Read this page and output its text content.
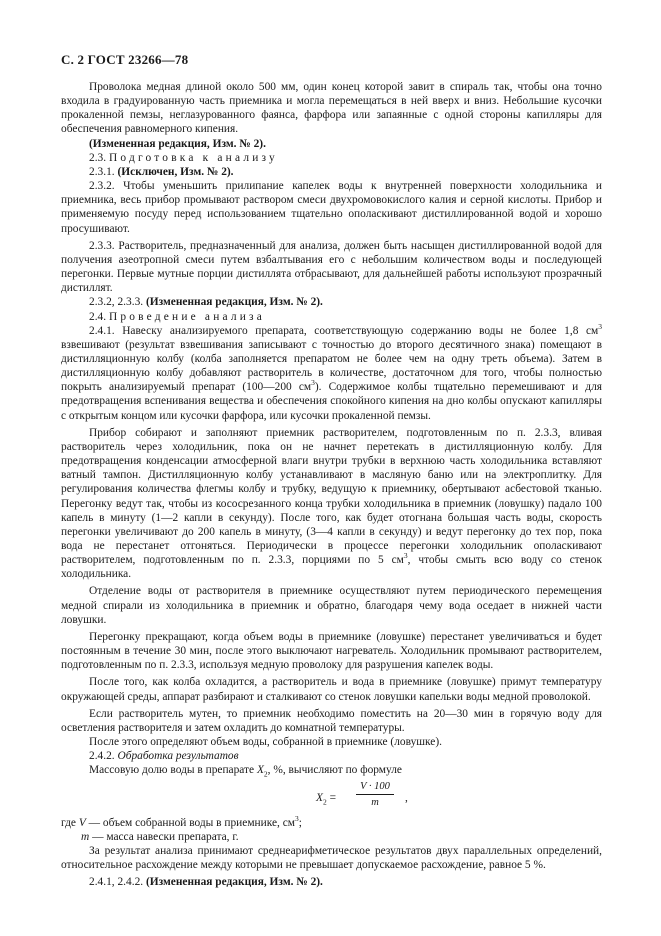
С. 2 ГОСТ 23266—78

Проволока медная длиной около 500 мм, один конец которой завит в спираль так, чтобы она точно входила в градуированную часть приемника и могла перемещаться в ней вверх и вниз. Небольшие кусочки прокаленной пемзы, неглазурованного фаянса, фарфора или запаянные с одной стороны капилляры для обеспечения равномерного кипения.

(Измененная редакция, Изм. № 2).

2.3. Подготовка к анализу

2.3.1. (Исключен, Изм. № 2).

2.3.2. Чтобы уменьшить прилипание капелек воды к внутренней поверхности холодильника и приемника, весь прибор промывают раствором смеси двухромовокислого калия и серной кислоты. Прибор и применяемую посуду перед использованием тщательно ополаскивают дистиллированной водой и хорошо просушивают.

2.3.3. Растворитель, предназначенный для анализа, должен быть насыщен дистиллированной водой для получения азеотропной смеси путем взбалтывания его с небольшим количеством воды и последующей перегонки. Первые мутные порции дистиллята отбрасывают, для дальнейшей работы используют прозрачный дистиллят.

2.3.2, 2.3.3. (Измененная редакция, Изм. № 2).

2.4. Проведение анализа

2.4.1. Навеску анализируемого препарата, соответствующую содержанию воды не более 1,8 $см^3$ взвешивают (результат взвешивания записывают с точностью до второго десятичного знака) помещают в дистилляционную колбу (колба заполняется препаратом не более чем на одну треть объема). Затем в дистилляционную колбу добавляют растворитель в количестве, достаточном для того, чтобы полностью покрыть анализируемый препарат (100—200 $см^3$). Содержимое колбы тщательно перемешивают и для предотвращения вспенивания вещества и обеспечения спокойного кипения на дно колбы опускают капилляры с открытым концом или кусочки фарфора, или кусочки прокаленной пемзы.

Прибор собирают и заполняют приемник растворителем, подготовленным по п. 2.3.3, вливая растворитель через холодильник, пока он не начнет перетекать в дистилляционную колбу. Для предотвращения конденсации атмосферной влаги внутри трубки в верхнюю часть холодильника вставляют ватный тампон. Дистилляционную колбу устанавливают в масляную баню или на электроплитку. Для регулирования количества флегмы колбу и трубку, ведущую к приемнику, обертывают асбестовой тканью. Перегонку ведут так, чтобы из кососрезанного конца трубки холодильника в приемник (ловушку) падало 100 капель в минуту (1—2 капли в секунду). После того, как будет отогнана большая часть воды, скорость перегонки увеличивают до 200 капель в минуту, (3—4 капли в секунду) и ведут перегонку до тех пор, пока вода не перестанет отгоняться. Периодически в процессе перегонки холодильник ополаскивают растворителем, подготовленным по п. 2.3.3, порциями по 5 $см^3$, чтобы смыть всю воду со стенок холодильника.

Отделение воды от растворителя в приемнике осуществляют путем периодического перемещения медной спирали из холодильника в приемник и обратно, благодаря чему вода оседает в нижней части ловушки.

Перегонку прекращают, когда объем воды в приемнике (ловушке) перестанет увеличиваться и будет постоянным в течение 30 мин, после этого выключают нагреватель. Холодильник промывают растворителем, подготовленным по п. 2.3.3, используя медную проволоку для разрушения капелек воды.

После того, как колба охладится, а растворитель и вода в приемнике (ловушке) примут температуру окружающей среды, аппарат разбирают и сталкивают со стенок ловушки капельки воды медной проволокой.

Если растворитель мутен, то приемник необходимо поместить на 20—30 мин в горячую воду для осветления растворителя и затем охладить до комнатной температуры.

После этого определяют объем воды, собранной в приемнике (ловушке).

2.4.2. Обработка результатов

Массовую долю воды в препарате $X_2$, %, вычисляют по формуле

$X_2$ =
V · 100
m	,

где V — объем собранной воды в приемнике, $см^3$;

m — масса навески препарата, г.

За результат анализа принимают среднеарифметическое результатов двух параллельных определений, относительное расхождение между которыми не превышает допускаемое расхождение, равное 5 %.

2.4.1, 2.4.2. (Измененная редакция, Изм. № 2).
